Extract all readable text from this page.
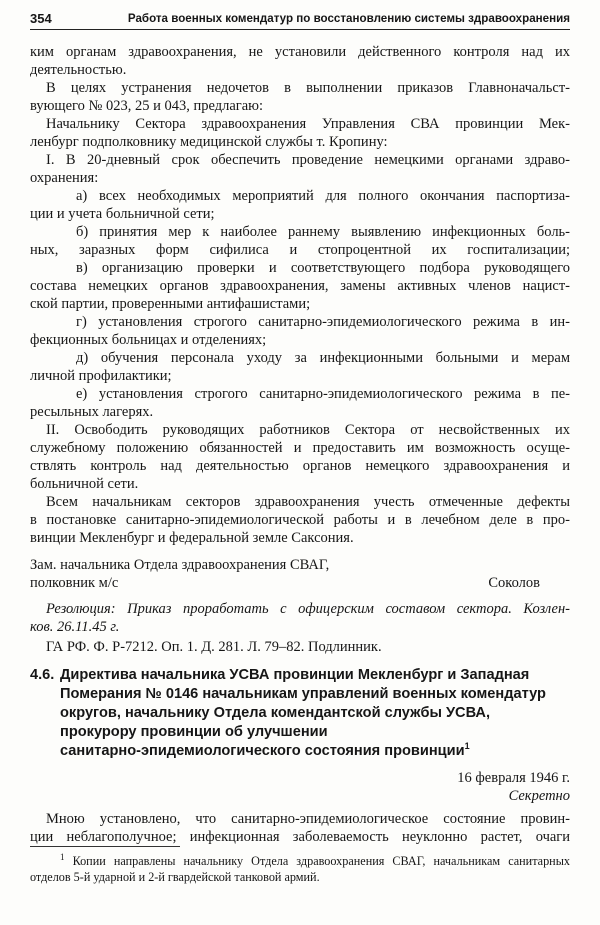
354	Работа военных комендатур по восстановлению системы здравоохранения
ким органам здравоохранения, не установили действенного контроля над их
деятельностью.
В целях устранения недочетов в выполнении приказов Главноначальст-
вующего № 023, 25 и 043, предлагаю:
Начальнику Сектора здравоохранения Управления СВА провинции Мек-
ленбург подполковнику медицинской службы т. Кропину:
I. В 20-дневный срок обеспечить проведение немецкими органами здраво-
охранения:
а) всех необходимых мероприятий для полного окончания паспортиза-
ции и учета больничной сети;
б) принятия мер к наиболее раннему выявлению инфекционных боль-
ных, заразных форм сифилиса и стопроцентной их госпитализации;
в) организацию проверки и соответствующего подбора руководящего
состава немецких органов здравоохранения, замены активных членов нацист-
ской партии, проверенными антифашистами;
г) установления строгого санитарно-эпидемиологического режима в ин-
фекционных больницах и отделениях;
д) обучения персонала уходу за инфекционными больными и мерам
личной профилактики;
е) установления строгого санитарно-эпидемиологического режима в пе-
ресыльных лагерях.
II. Освободить руководящих работников Сектора от несвойственных их
служебному положению обязанностей и предоставить им возможность осуще-
ствлять контроль над деятельностью органов немецкого здравоохранения и
больничной сети.
Всем начальникам секторов здравоохранения учесть отмеченные дефекты
в постановке санитарно-эпидемиологической работы и в лечебном деле в про-
винции Мекленбург и федеральной земле Саксония.
Зам. начальника Отдела здравоохранения СВАГ,
полковник м/с	Соколов
Резолюция: Приказ проработать с офицерским составом сектора. Козлен-
ков. 26.11.45 г.
ГА РФ. Ф. Р-7212. Оп. 1. Д. 281. Л. 79–82. Подлинник.
4.6. Директива начальника УСВА провинции Мекленбург и Западная
Померания № 0146 начальникам управлений военных комендатур
округов, начальнику Отдела комендантской службы УСВА,
прокурору провинции об улучшении
санитарно-эпидемиологического состояния провинции$^1$
16 февраля 1946 г.
Секретно
Мною установлено, что санитарно-эпидемиологическое состояние провин-
ции неблагополучное; инфекционная заболеваемость неуклонно растет, очаги
$^1$ Копии направлены начальнику Отдела здравоохранения СВАГ, начальникам санитарных
отделов 5-й ударной и 2-й гвардейской танковой армий.
